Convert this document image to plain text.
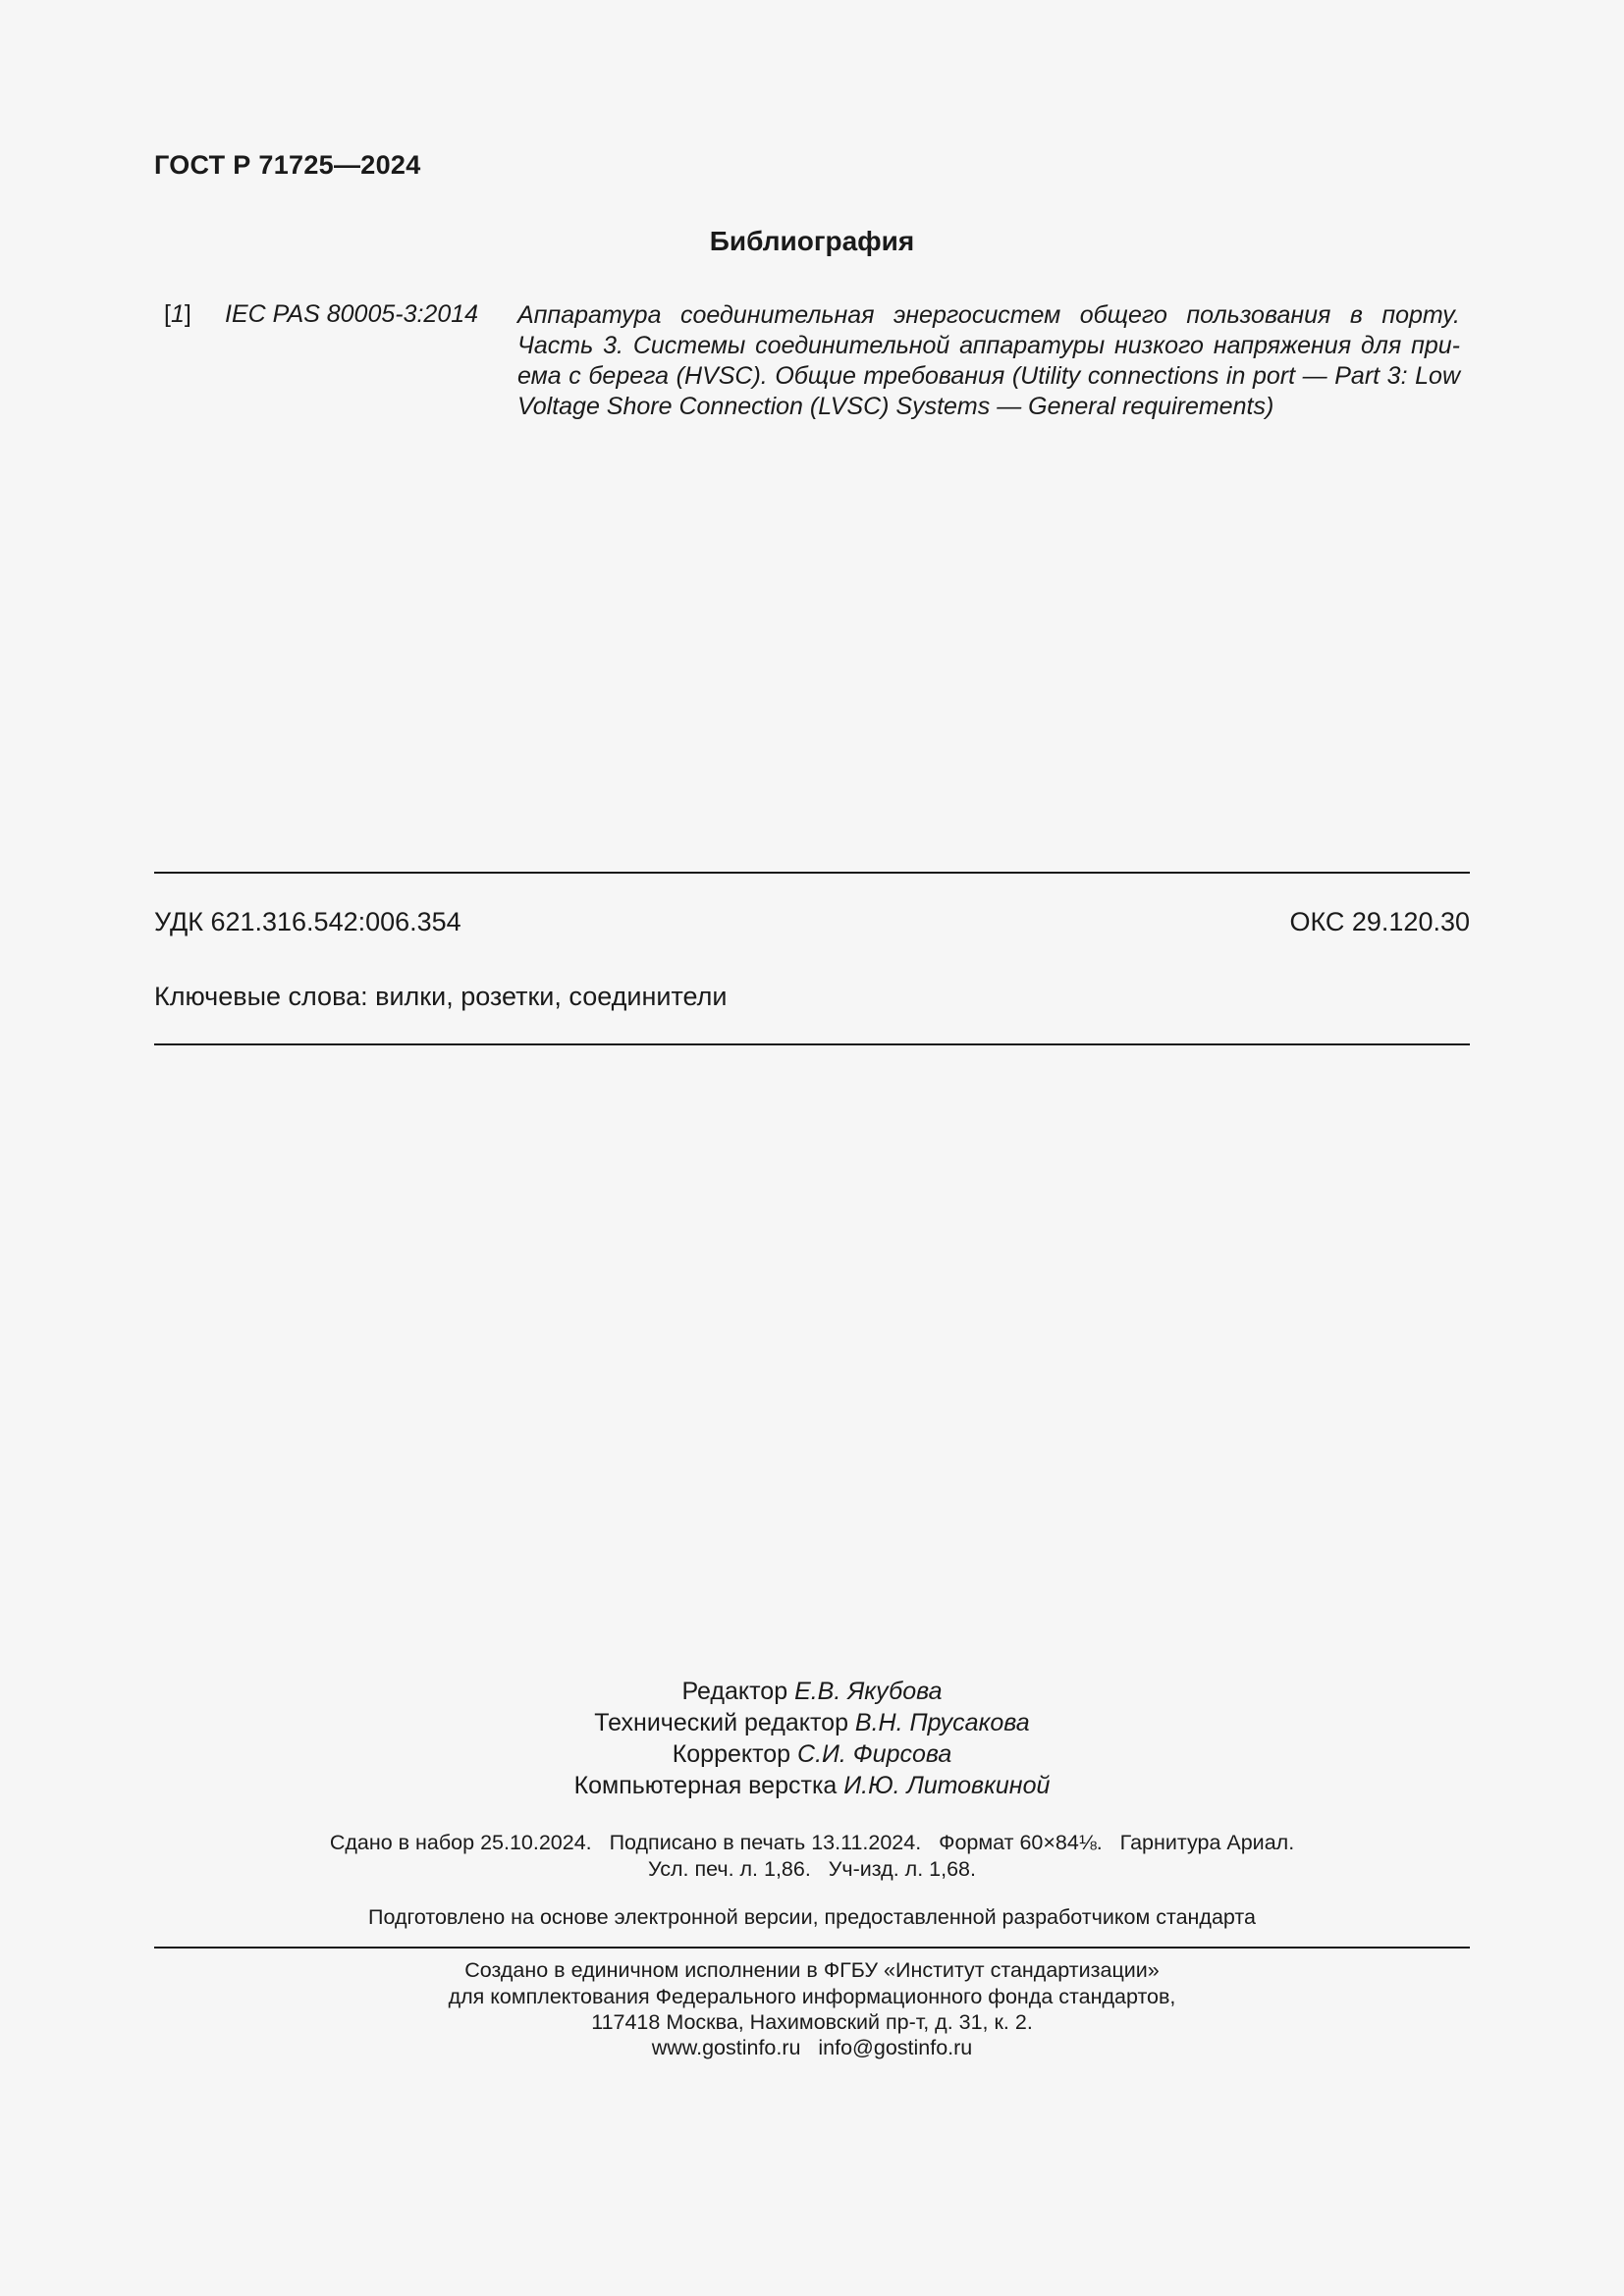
ГОСТ Р 71725—2024
Библиография
[1] IEC PAS 80005-3:2014 Аппаратура соединительная энергосистем общего пользования в порту.
Часть 3. Системы соединительной аппаратуры низкого напряжения для при-
ема с берега (HVSC). Общие требования (Utility connections in port — Part 3: Low
Voltage Shore Connection (LVSC) Systems — General requirements)
УДК 621.316.542:006.354	ОКС 29.120.30
Ключевые слова: вилки, розетки, соединители
Редактор Е.В. Якубова
Технический редактор В.Н. Прусакова
Корректор С.И. Фирсова
Компьютерная верстка И.Ю. Литовкиной
Сдано в набор 25.10.2024.   Подписано в печать 13.11.2024.   Формат 60×84⅛.   Гарнитура Ариал.
Усл. печ. л. 1,86.   Уч-изд. л. 1,68.
Подготовлено на основе электронной версии, предоставленной разработчиком стандарта
Создано в единичном исполнении в ФГБУ «Институт стандартизации»
для комплектования Федерального информационного фонда стандартов,
117418 Москва, Нахимовский пр-т, д. 31, к. 2.
www.gostinfo.ru   info@gostinfo.ru
